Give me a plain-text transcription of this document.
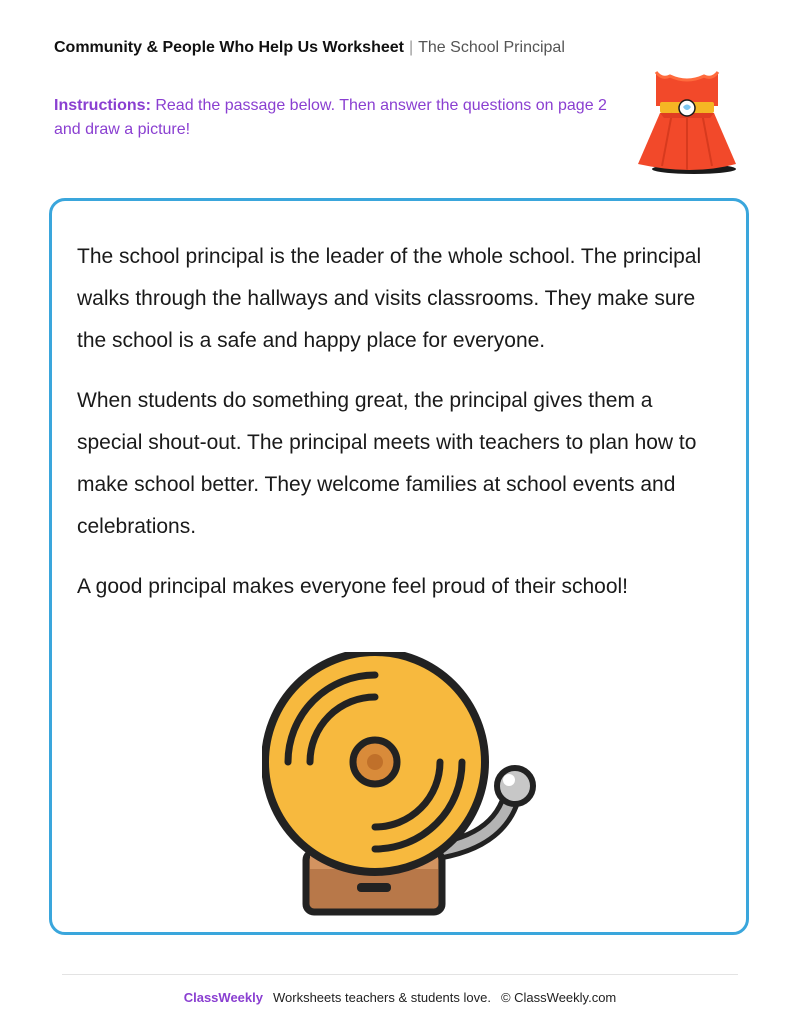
Community & People Who Help Us Worksheet | The School Principal
Instructions: Read the passage below. Then answer the questions on page 2 and draw a picture!

The school principal is the leader of the whole school. The principal walks through the hallways and visits classrooms. They make sure the school is a safe and happy place for everyone.

When students do something great, the principal gives them a special shout-out. The principal meets with teachers to plan how to make school better. They welcome families at school events and celebrations.

A good principal makes everyone feel proud of their school!

ClassWeekly Worksheets teachers & students love. © ClassWeekly.com
